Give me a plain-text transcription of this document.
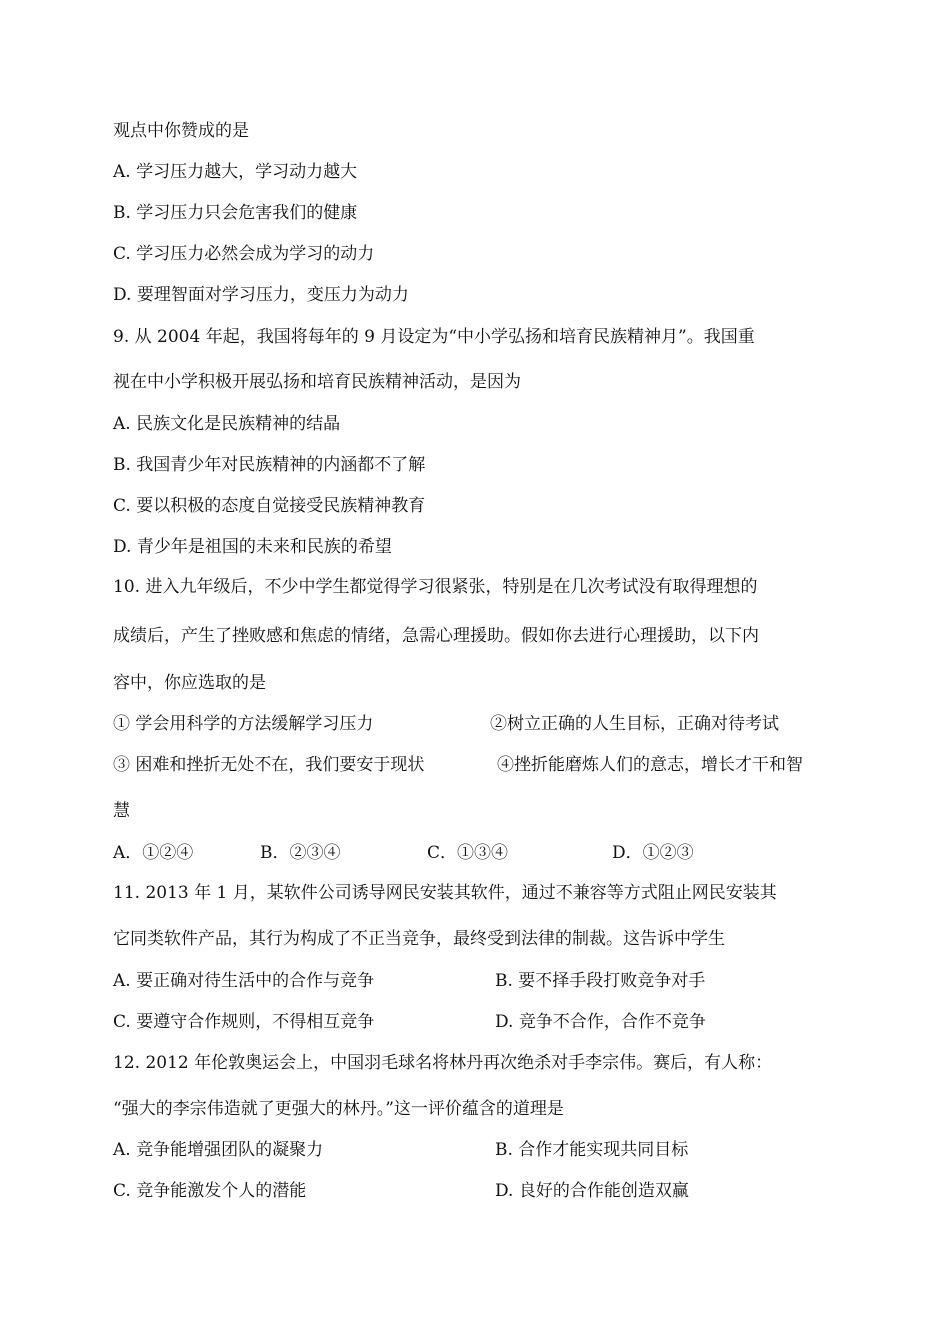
观点中你赞成的是
A. 学习压力越大，学习动力越大
B. 学习压力只会危害我们的健康
C. 学习压力必然会成为学习的动力
D. 要理智面对学习压力，变压力为动力
9. 从 2004 年起，我国将每年的 9 月设定为“中小学弘扬和培育民族精神月”。我国重
视在中小学积极开展弘扬和培育民族精神活动，是因为
A. 民族文化是民族精神的结晶
B. 我国青少年对民族精神的内涵都不了解
C. 要以积极的态度自觉接受民族精神教育
D. 青少年是祖国的未来和民族的希望
10. 进入九年级后，不少中学生都觉得学习很紧张，特别是在几次考试没有取得理想的
成绩后，产生了挫败感和焦虑的情绪，急需心理援助。假如你去进行心理援助，以下内
容中，你应选取的是
① 学会用科学的方法缓解学习压力	②树立正确的人生目标，正确对待考试
③ 困难和挫折无处不在，我们要安于现状	④挫折能磨炼人们的意志，增长才干和智
慧
A．①②④	B．②③④	C．①③④	D．①②③
11. 2013 年 1 月，某软件公司诱导网民安装其软件，通过不兼容等方式阻止网民安装其
它同类软件产品，其行为构成了不正当竞争，最终受到法律的制裁。这告诉中学生
A. 要正确对待生活中的合作与竞争	B. 要不择手段打败竞争对手
C. 要遵守合作规则，不得相互竞争	D. 竞争不合作，合作不竞争
12. 2012 年伦敦奥运会上，中国羽毛球名将林丹再次绝杀对手李宗伟。赛后，有人称：
“强大的李宗伟造就了更强大的林丹。”这一评价蕴含的道理是
A. 竞争能增强团队的凝聚力	B. 合作才能实现共同目标
C. 竞争能激发个人的潜能	D. 良好的合作能创造双赢
